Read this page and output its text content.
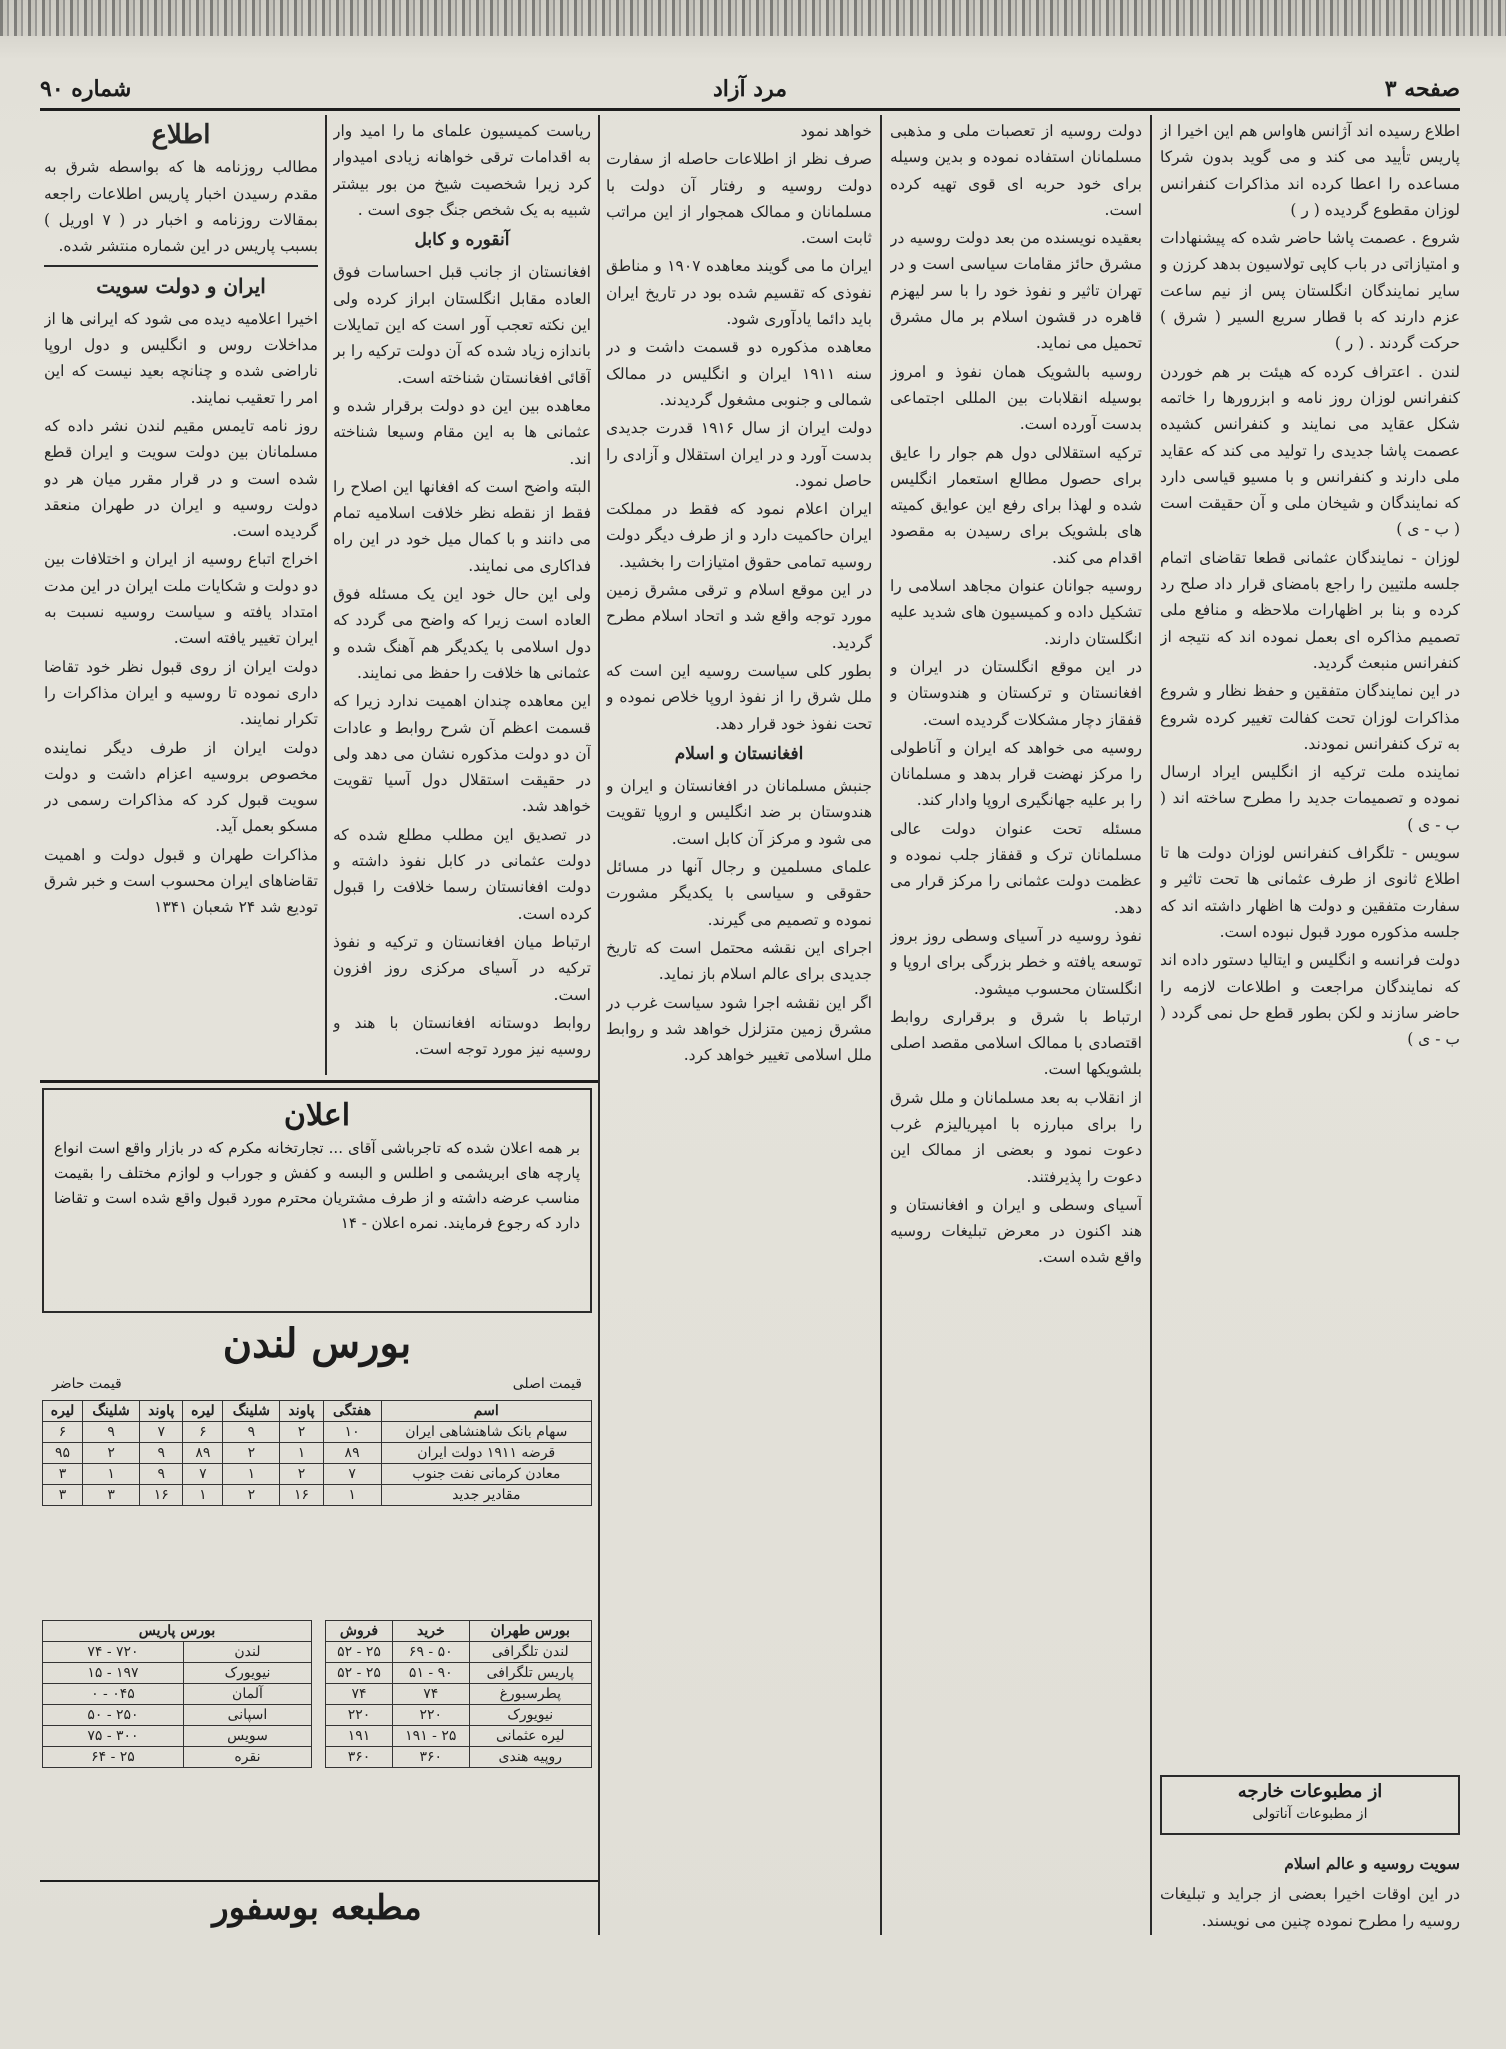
صفحه ۳
مرد آزاد
شماره ۹۰

اطلاع رسیده اند آژانس هاواس هم این اخیرا از پاریس تأیید می کند و می گوید بدون شرکا مساعده را اعطا کرده اند مذاکرات کنفرانس لوزان مقطوع گردیده ( ر )

شروع . عصمت پاشا حاضر شده که پیشنهادات و امتیازاتی در باب کاپی تولاسیون بدهد کرزن و سایر نمایندگان انگلستان پس از نیم ساعت عزم دارند که با قطار سریع السیر ( شرق ) حرکت گردند . ( ر )

لندن . اعتراف کرده که هیئت بر هم خوردن کنفرانس لوزان روز نامه و ابزرورها را خاتمه شکل عقاید می نمایند و کنفرانس کشیده عصمت پاشا جدیدی را تولید می کند که عقاید ملی دارند و کنفرانس و با مسیو قیاسی دارد که نمایندگان و شیخان ملی و آن حقیقت است ( ب - ی )

لوزان - نمایندگان عثمانی قطعا تقاضای اتمام جلسه ملتیین را راجع بامضای قرار داد صلح رد کرده و بنا بر اظهارات ملاحظه و منافع ملی تصمیم مذاکره ای بعمل نموده اند که نتیجه از کنفرانس منبعث گردید.

در این نمایندگان متفقین و حفظ نظار و شروع مذاکرات لوزان تحت کفالت تغییر کرده شروع به ترک کنفرانس نمودند.

نماینده ملت ترکیه از انگلیس ایراد ارسال نموده و تصمیمات جدید را مطرح ساخته اند ( ب - ی )

سویس - تلگراف کنفرانس لوزان دولت ها تا اطلاع ثانوی از طرف عثمانی ها تحت تاثیر و سفارت متفقین و دولت ها اظهار داشته اند که جلسه مذکوره مورد قبول نبوده است.

دولت فرانسه و انگلیس و ایتالیا دستور داده اند که نمایندگان مراجعت و اطلاعات لازمه را حاضر سازند و لکن بطور قطع حل نمی گردد ( ب - ی )

از مطبوعات خارجه
از مطبوعات آناتولی

سویت روسیه و عالم اسلام

در این اوقات اخیرا بعضی از جراید و تبلیغات روسیه را مطرح نموده چنین می نویسند.

دولت روسیه از تعصبات ملی و مذهبی مسلمانان استفاده نموده و بدین وسیله برای خود حربه ای قوی تهیه کرده است.

بعقیده نویسنده من بعد دولت روسیه در مشرق حائز مقامات سیاسی است و در تهران تاثیر و نفوذ خود را با سر لیهزم قاهره در قشون اسلام بر مال مشرق تحمیل می نماید.

روسیه بالشویک همان نفوذ و امروز بوسیله انقلابات بین المللی اجتماعی بدست آورده است.

ترکیه استقلالی دول هم جوار را عایق برای حصول مطالع استعمار انگلیس شده و لهذا برای رفع این عوایق کمیته های بلشویک برای رسیدن به مقصود اقدام می کند.

روسیه جوانان عنوان مجاهد اسلامی را تشکیل داده و کمیسیون های شدید علیه انگلستان دارند.

در این موقع انگلستان در ایران و افغانستان و ترکستان و هندوستان و قفقاز دچار مشکلات گردیده است.

روسیه می خواهد که ایران و آناطولی را مرکز نهضت قرار بدهد و مسلمانان را بر علیه جهانگیری اروپا وادار کند.

مسئله تحت عنوان دولت عالی مسلمانان ترک و قفقاز جلب نموده و عظمت دولت عثمانی را مرکز قرار می دهد.

نفوذ روسیه در آسیای وسطی روز بروز توسعه یافته و خطر بزرگی برای اروپا و انگلستان محسوب میشود.

ارتباط با شرق و برقراری روابط اقتصادی با ممالک اسلامی مقصد اصلی بلشویکها است.

از انقلاب به بعد مسلمانان و ملل شرق را برای مبارزه با امپریالیزم غرب دعوت نمود و بعضی از ممالک این دعوت را پذیرفتند.

آسیای وسطی و ایران و افغانستان و هند اکنون در معرض تبلیغات روسیه واقع شده است.

خواهد نمود

صرف نظر از اطلاعات حاصله از سفارت دولت روسیه و رفتار آن دولت با مسلمانان و ممالک همجوار از این مراتب ثابت است.

ایران ما می گویند معاهده ۱۹۰۷ و مناطق نفوذی که تقسیم شده بود در تاریخ ایران باید دائما یادآوری شود.

معاهده مذکوره دو قسمت داشت و در سنه ۱۹۱۱ ایران و انگلیس در ممالک شمالی و جنوبی مشغول گردیدند.

دولت ایران از سال ۱۹۱۶ قدرت جدیدی بدست آورد و در ایران استقلال و آزادی را حاصل نمود.

ایران اعلام نمود که فقط در مملکت ایران حاکمیت دارد و از طرف دیگر دولت روسیه تمامی حقوق امتیازات را بخشید.

در این موقع اسلام و ترقی مشرق زمین مورد توجه واقع شد و اتحاد اسلام مطرح گردید.

بطور کلی سیاست روسیه این است که ملل شرق را از نفوذ اروپا خلاص نموده و تحت نفوذ خود قرار دهد.

افغانستان و اسلام

جنبش مسلمانان در افغانستان و ایران و هندوستان بر ضد انگلیس و اروپا تقویت می شود و مرکز آن کابل است.

علمای مسلمین و رجال آنها در مسائل حقوقی و سیاسی با یکدیگر مشورت نموده و تصمیم می گیرند.

اجرای این نقشه محتمل است که تاریخ جدیدی برای عالم اسلام باز نماید.

اگر این نقشه اجرا شود سیاست غرب در مشرق زمین متزلزل خواهد شد و روابط ملل اسلامی تغییر خواهد کرد.

ریاست کمیسیون علمای ما را امید وار به اقدامات ترقی خواهانه زیادی امیدوار کرد زیرا شخصیت شیخ من بور بیشتر شبیه به یک شخص جنگ جوی است .

آنقوره و کابل

افغانستان از جانب قبل احساسات فوق العاده مقابل انگلستان ابراز کرده ولی این نکته تعجب آور است که این تمایلات باندازه زیاد شده که آن دولت ترکیه را بر آقائی افغانستان شناخته است.

معاهده بین این دو دولت برقرار شده و عثمانی ها به این مقام وسیعا شناخته اند.

البته واضح است که افغانها این اصلاح را فقط از نقطه نظر خلافت اسلامیه تمام می دانند و با کمال میل خود در این راه فداکاری می نمایند.

ولی این حال خود این یک مسئله فوق العاده است زیرا که واضح می گردد که دول اسلامی با یکدیگر هم آهنگ شده و عثمانی ها خلافت را حفظ می نمایند.

این معاهده چندان اهمیت ندارد زیرا که قسمت اعظم آن شرح روابط و عادات آن دو دولت مذکوره نشان می دهد ولی در حقیقت استقلال دول آسیا تقویت خواهد شد.

در تصدیق این مطلب مطلع شده که دولت عثمانی در کابل نفوذ داشته و دولت افغانستان رسما خلافت را قبول کرده است.

ارتباط میان افغانستان و ترکیه و نفوذ ترکیه در آسیای مرکزی روز افزون است.

روابط دوستانه افغانستان با هند و روسیه نیز مورد توجه است.

اطلاع

مطالب روزنامه ها که بواسطه شرق به مقدم رسیدن اخبار پاریس اطلاعات راجعه بمقالات روزنامه و اخبار در ( ۷ اوریل ) بسبب پاریس در این شماره منتشر شده.

ایران و دولت سویت

اخیرا اعلامیه دیده می شود که ایرانی ها از مداخلات روس و انگلیس و دول اروپا ناراضی شده و چنانچه بعید نیست که این امر را تعقیب نمایند.

روز نامه تایمس مقیم لندن نشر داده که مسلمانان بین دولت سویت و ایران قطع شده است و در قرار مقرر میان هر دو دولت روسیه و ایران در طهران منعقد گردیده است.

اخراج اتباع روسیه از ایران و اختلافات بین دو دولت و شکایات ملت ایران در این مدت امتداد یافته و سیاست روسیه نسبت به ایران تغییر یافته است.

دولت ایران از روی قبول نظر خود تقاضا داری نموده تا روسیه و ایران مذاکرات را تکرار نمایند.

دولت ایران از طرف دیگر نماینده مخصوص بروسیه اعزام داشت و دولت سویت قبول کرد که مذاکرات رسمی در مسکو بعمل آید.

مذاکرات طهران و قبول دولت و اهمیت تقاضاهای ایران محسوب است و خبر شرق تودیع شد ۲۴ شعبان ۱۳۴۱

اعلان
بر همه اعلان شده که تاجرباشی آقای ... تجارتخانه مکرم که در بازار واقع است انواع پارچه های ابریشمی و اطلس و البسه و کفش و جوراب و لوازم مختلف را بقیمت مناسب عرضه داشته و از طرف مشتریان محترم مورد قبول واقع شده است و تقاضا دارد که رجوع فرمایند. نمره اعلان - ۱۴
بورس لندن
قیمت اصلی
قیمت حاضر
اسم	هفتگی	پاوند	شلینگ	لیره	پاوند	شلینگ	لیره
سهام بانک شاهنشاهی ایران	۱۰	۲	۹	۶	۷	۹	۶
قرضه ۱۹۱۱ دولت ایران	۸۹	۱	۲	۸۹	۹	۲	۹۵
معادن کرمانی نفت جنوب	۷	۲	۱	۷	۹	۱	۳
مقادیر جدید	۱	۱۶	۲	۱	۱۶	۳	۳
بورس طهران	خرید	فروش
لندن تلگرافی	۵۰ - ۶۹	۲۵ - ۵۲
پاریس تلگرافی	۹۰ - ۵۱	۲۵ - ۵۲
پطرسبورغ	۷۴	۷۴
نیویورک	۲۲۰	۲۲۰
لیره عثمانی	۲۵ - ۱۹۱	۱۹۱
روپیه هندی	۳۶۰	۳۶۰
بورس پاریس	
لندن	۷۲۰ - ۷۴
نیویورک	۱۹۷ - ۱۵
آلمان	۰۴۵ - ۰
اسپانی	۲۵۰ - ۵۰
سویس	۳۰۰ - ۷۵
نقره	۲۵ - ۶۴
مطبعه بوسفور
